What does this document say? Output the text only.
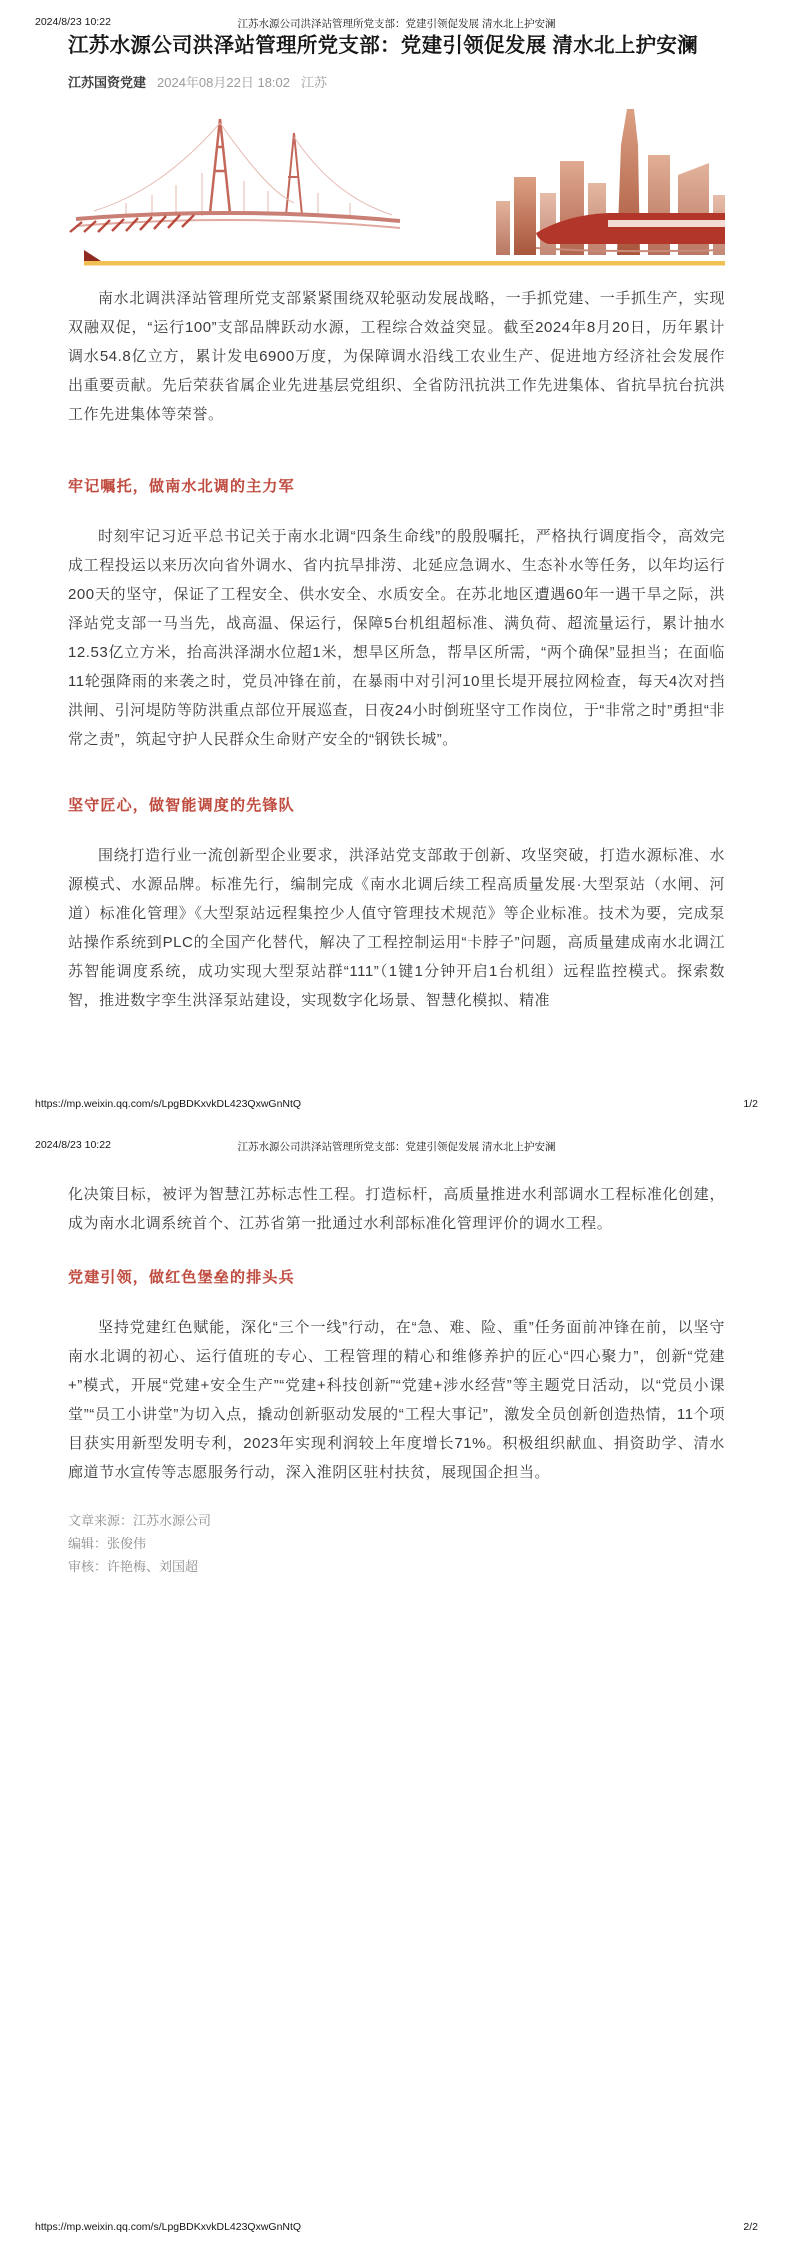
2024/8/23 10:22	江苏水源公司洪泽站管理所党支部：党建引领促发展 清水北上护安澜
江苏水源公司洪泽站管理所党支部：党建引领促发展 清水北上护安澜
江苏国资党建 2024年08月22日 18:02 江苏

南水北调洪泽站管理所党支部紧紧围绕双轮驱动发展战略，一手抓党建、一手抓生产，实现双融双促，“运行100”支部品牌跃动水源，工程综合效益突显。截至2024年8月20日，历年累计调水54.8亿立方，累计发电6900万度，为保障调水沿线工农业生产、促进地方经济社会发展作出重要贡献。先后荣获省属企业先进基层党组织、全省防汛抗洪工作先进集体、省抗旱抗台抗洪工作先进集体等荣誉。

牢记嘱托，做南水北调的主力军

时刻牢记习近平总书记关于南水北调“四条生命线”的殷殷嘱托，严格执行调度指令，高效完成工程投运以来历次向省外调水、省内抗旱排涝、北延应急调水、生态补水等任务，以年均运行200天的坚守，保证了工程安全、供水安全、水质安全。在苏北地区遭遇60年一遇干旱之际，洪泽站党支部一马当先，战高温、保运行，保障5台机组超标准、满负荷、超流量运行，累计抽水12.53亿立方米，抬高洪泽湖水位超1米，想旱区所急，帮旱区所需，“两个确保”显担当；在面临11轮强降雨的来袭之时，党员冲锋在前，在暴雨中对引河10里长堤开展拉网检查，每天4次对挡洪闸、引河堤防等防洪重点部位开展巡查，日夜24小时倒班坚守工作岗位，于“非常之时”勇担“非常之责”，筑起守护人民群众生命财产安全的“钢铁长城”。

坚守匠心，做智能调度的先锋队

围绕打造行业一流创新型企业要求，洪泽站党支部敢于创新、攻坚突破，打造水源标准、水源模式、水源品牌。标准先行，编制完成《南水北调后续工程高质量发展·大型泵站（水闸、河道）标准化管理》《大型泵站远程集控少人值守管理技术规范》等企业标准。技术为要，完成泵站操作系统到PLC的全国产化替代，解决了工程控制运用“卡脖子”问题，高质量建成南水北调江苏智能调度系统，成功实现大型泵站群“111”（1键1分钟开启1台机组）远程监控模式。探索数智，推进数字孪生洪泽泵站建设，实现数字化场景、智慧化模拟、精准

https://mp.weixin.qq.com/s/LpgBDKxvkDL423QxwGnNtQ	1/2
2024/8/23 10:22	江苏水源公司洪泽站管理所党支部：党建引领促发展 清水北上护安澜

化决策目标，被评为智慧江苏标志性工程。打造标杆，高质量推进水利部调水工程标准化创建，成为南水北调系统首个、江苏省第一批通过水利部标准化管理评价的调水工程。

党建引领，做红色堡垒的排头兵

坚持党建红色赋能，深化“三个一线”行动，在“急、难、险、重”任务面前冲锋在前，以坚守南水北调的初心、运行值班的专心、工程管理的精心和维修养护的匠心“四心聚力”，创新“党建+”模式，开展“党建+安全生产”“党建+科技创新”“党建+涉水经营”等主题党日活动，以“党员小课堂”“员工小讲堂”为切入点，撬动创新驱动发展的“工程大事记”，激发全员创新创造热情，11个项目获实用新型发明专利，2023年实现利润较上年度增长71%。积极组织献血、捐资助学、清水廊道节水宣传等志愿服务行动，深入淮阴区驻村扶贫，展现国企担当。

文章来源：江苏水源公司
编辑：张俊伟
审核：许艳梅、刘国超
https://mp.weixin.qq.com/s/LpgBDKxvkDL423QxwGnNtQ	2/2
